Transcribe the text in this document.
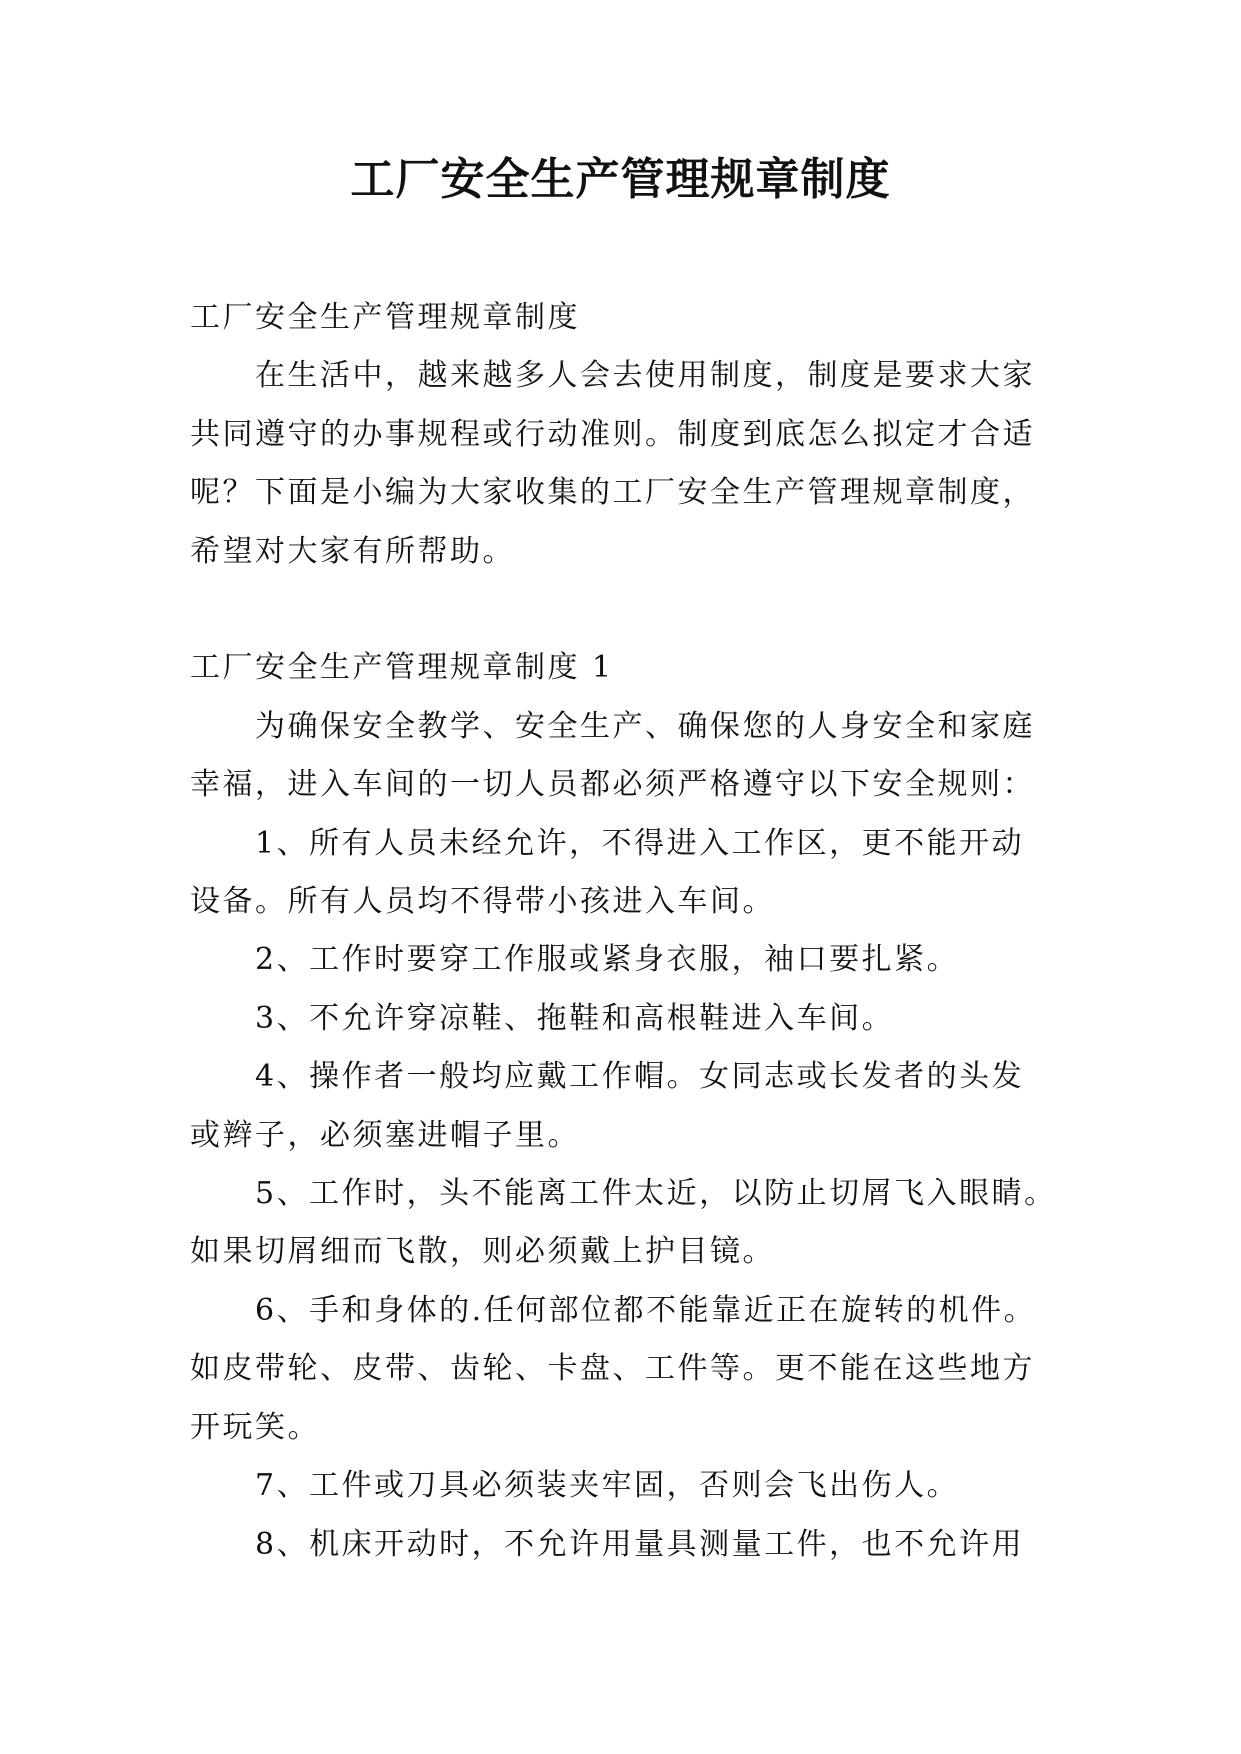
工厂安全生产管理规章制度

工厂安全生产管理规章制度

　　在生活中，越来越多人会去使用制度，制度是要求大家

共同遵守的办事规程或行动准则。制度到底怎么拟定才合适

呢？下面是小编为大家收集的工厂安全生产管理规章制度，

希望对大家有所帮助。

工厂安全生产管理规章制度 1

　　为确保安全教学、安全生产、确保您的人身安全和家庭

幸福，进入车间的一切人员都必须严格遵守以下安全规则：

　　1、所有人员未经允许，不得进入工作区，更不能开动

设备。所有人员均不得带小孩进入车间。

　　2、工作时要穿工作服或紧身衣服，袖口要扎紧。

　　3、不允许穿凉鞋、拖鞋和高根鞋进入车间。

　　4、操作者一般均应戴工作帽。女同志或长发者的头发

或辫子，必须塞进帽子里。

　　5、工作时，头不能离工件太近，以防止切屑飞入眼睛。

如果切屑细而飞散，则必须戴上护目镜。

　　6、手和身体的.任何部位都不能靠近正在旋转的机件。

如皮带轮、皮带、齿轮、卡盘、工件等。更不能在这些地方

开玩笑。

　　7、工件或刀具必须装夹牢固，否则会飞出伤人。

　　8、机床开动时，不允许用量具测量工件，也不允许用
